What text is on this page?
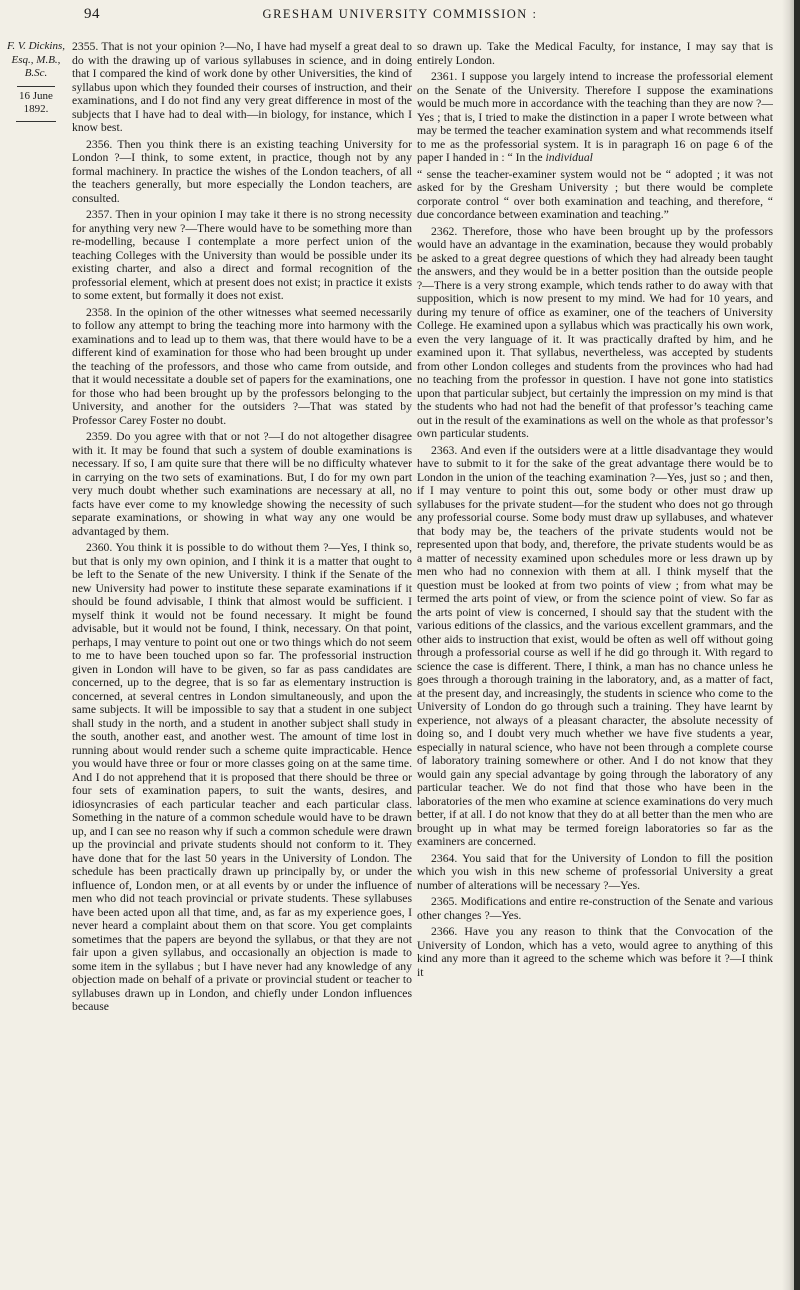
94	GRESHAM UNIVERSITY COMMISSION :
F. V. Dickins,
Esq., M.B.,
B.Sc.
16 June 1892.

2355. That is not your opinion ?—No, I have had myself a great deal to do with the drawing up of various syllabuses in science, and in doing that I compared the kind of work done by other Universities, the kind of syllabus upon which they founded their courses of instruction, and their examinations, and I do not find any very great difference in most of the subjects that I have had to deal with—in biology, for instance, which I know best.

2356. Then you think there is an existing teaching University for London ?—I think, to some extent, in practice, though not by any formal machinery. In practice the wishes of the London teachers, of all the teachers generally, but more especially the London teachers, are consulted.

2357. Then in your opinion I may take it there is no strong necessity for anything very new ?—There would have to be something more than re-modelling, because I contemplate a more perfect union of the teaching Colleges with the University than would be possible under its existing charter, and also a direct and formal recognition of the professorial element, which at present does not exist; in practice it exists to some extent, but formally it does not exist.

2358. In the opinion of the other witnesses what seemed necessarily to follow any attempt to bring the teaching more into harmony with the examinations and to lead up to them was, that there would have to be a different kind of examination for those who had been brought up under the teaching of the professors, and those who came from outside, and that it would necessitate a double set of papers for the examinations, one for those who had been brought up by the professors belonging to the University, and another for the outsiders ?—That was stated by Professor Carey Foster no doubt.

2359. Do you agree with that or not ?—I do not altogether disagree with it. It may be found that such a system of double examinations is necessary. If so, I am quite sure that there will be no difficulty whatever in carrying on the two sets of examinations. But, I do for my own part very much doubt whether such examinations are necessary at all, no facts have ever come to my knowledge showing the necessity of such separate examinations, or showing in what way any one would be advantaged by them.

2360. You think it is possible to do without them ?—Yes, I think so, but that is only my own opinion, and I think it is a matter that ought to be left to the Senate of the new University. I think if the Senate of the new University had power to institute these separate examinations if it should be found advisable, I think that almost would be sufficient. I myself think it would not be found necessary. It might be found advisable, but it would not be found, I think, necessary. On that point, perhaps, I may venture to point out one or two things which do not seem to me to have been touched upon so far. The professorial instruction given in London will have to be given, so far as pass candidates are concerned, up to the degree, that is so far as elementary instruction is concerned, at several centres in London simultaneously, and upon the same subjects. It will be impossible to say that a student in one subject shall study in the north, and a student in another subject shall study in the south, another east, and another west. The amount of time lost in running about would render such a scheme quite impracticable. Hence you would have three or four or more classes going on at the same time. And I do not apprehend that it is proposed that there should be three or four sets of examination papers, to suit the wants, desires, and idiosyncrasies of each particular teacher and each particular class. Something in the nature of a common schedule would have to be drawn up, and I can see no reason why if such a common schedule were drawn up the provincial and private students should not conform to it. They have done that for the last 50 years in the University of London. The schedule has been practically drawn up principally by, or under the influence of, London men, or at all events by or under the influence of men who did not teach provincial or private students. These syllabuses have been acted upon all that time, and, as far as my experience goes, I never heard a complaint about them on that score. You get complaints sometimes that the papers are beyond the syllabus, or that they are not fair upon a given syllabus, and occasionally an objection is made to some item in the syllabus ; but I have never had any knowledge of any objection made on behalf of a private or provincial student or teacher to syllabuses drawn up in London, and chiefly under London influences because

so drawn up. Take the Medical Faculty, for instance, I may say that is entirely London.

2361. I suppose you largely intend to increase the professorial element on the Senate of the University. Therefore I suppose the examinations would be much more in accordance with the teaching than they are now ?—Yes ; that is, I tried to make the distinction in a paper I wrote between what may be termed the teacher examination system and what recommends itself to me as the professorial system. It is in paragraph 16 on page 6 of the paper I handed in : “ In the individual

“ sense the teacher-examiner system would not be “ adopted ; it was not asked for by the Gresham University ; but there would be complete corporate control “ over both examination and teaching, and therefore, “ due concordance between examination and teaching.”

2362. Therefore, those who have been brought up by the professors would have an advantage in the examination, because they would probably be asked to a great degree questions of which they had already been taught the answers, and they would be in a better position than the outside people ?—There is a very strong example, which tends rather to do away with that supposition, which is now present to my mind. We had for 10 years, and during my tenure of office as examiner, one of the teachers of University College. He examined upon a syllabus which was practically his own work, even the very language of it. It was practically drafted by him, and he examined upon it. That syllabus, nevertheless, was accepted by students from other London colleges and students from the provinces who had had no teaching from the professor in question. I have not gone into statistics upon that particular subject, but certainly the impression on my mind is that the students who had not had the benefit of that professor’s teaching came out in the result of the examinations as well on the whole as that professor’s own particular students.

2363. And even if the outsiders were at a little disadvantage they would have to submit to it for the sake of the great advantage there would be to London in the union of the teaching examination ?—Yes, just so ; and then, if I may venture to point this out, some body or other must draw up syllabuses for the private student—for the student who does not go through any professorial course. Some body must draw up syllabuses, and whatever that body may be, the teachers of the private students would not be represented upon that body, and, therefore, the private students would be as a matter of necessity examined upon schedules more or less drawn up by men who had no connexion with them at all. I think myself that the question must be looked at from two points of view ; from what may be termed the arts point of view, or from the science point of view. So far as the arts point of view is concerned, I should say that the student with the various editions of the classics, and the various excellent grammars, and the other aids to instruction that exist, would be often as well off without going through a professorial course as well if he did go through it. With regard to science the case is different. There, I think, a man has no chance unless he goes through a thorough training in the laboratory, and, as a matter of fact, at the present day, and increasingly, the students in science who come to the University of London do go through such a training. They have learnt by experience, not always of a pleasant character, the absolute necessity of doing so, and I doubt very much whether we have five students a year, especially in natural science, who have not been through a complete course of laboratory training somewhere or other. And I do not know that they would gain any special advantage by going through the laboratory of any particular teacher. We do not find that those who have been in the laboratories of the men who examine at science examinations do very much better, if at all. I do not know that they do at all better than the men who are brought up in what may be termed foreign laboratories so far as the examiners are concerned.

2364. You said that for the University of London to fill the position which you wish in this new scheme of professorial University a great number of alterations will be necessary ?—Yes.

2365. Modifications and entire re-construction of the Senate and various other changes ?—Yes.

2366. Have you any reason to think that the Convocation of the University of London, which has a veto, would agree to anything of this kind any more than it agreed to the scheme which was before it ?—I think it
